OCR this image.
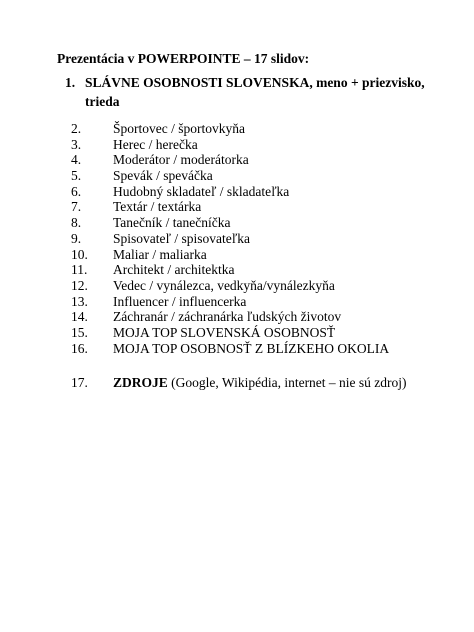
Prezentácia v POWERPOINTE – 17 slidov:
1. SLÁVNE OSOBNOSTI SLOVENSKA, meno + priezvisko, trieda
2.	Športovec / športovkyňa
3.	Herec / herečka
4.	Moderátor / moderátorka
5.	Spevák / speváčka
6.	Hudobný skladateľ / skladateľka
7.	Textár / textárka
8.	Tanečník / tanečníčka
9.	Spisovateľ / spisovateľka
10.	Maliar / maliarka
11.	Architekt / architektka
12.	Vedec / vynálezca, vedkyňa/vynálezkyňa
13.	Influencer / influencerka
14.	Záchranár / záchranárka ľudských životov
15.	MOJA TOP SLOVENSKÁ OSOBNOSŤ
16.	MOJA TOP OSOBNOSŤ Z BLÍZKEHO OKOLIA
17. ZDROJE (Google, Wikipédia, internet – nie sú zdroj)
